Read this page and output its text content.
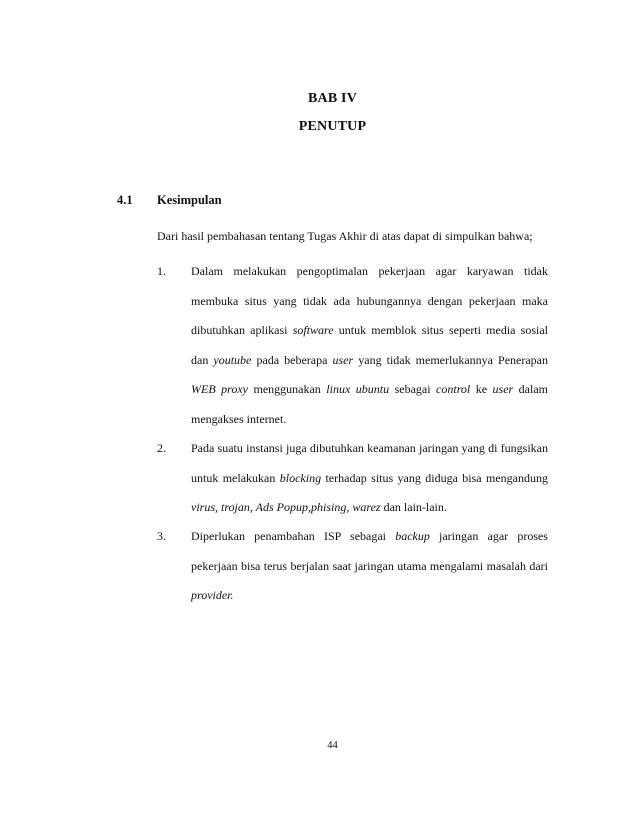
BAB IV
PENUTUP
4.1 Kesimpulan
Dari hasil pembahasan tentang Tugas Akhir di atas dapat di simpulkan bahwa;
1. Dalam melakukan pengoptimalan pekerjaan agar karyawan tidak membuka situs yang tidak ada hubungannya dengan pekerjaan maka dibutuhkan aplikasi software untuk memblok situs seperti media sosial dan youtube pada beberapa user yang tidak memerlukannya Penerapan WEB proxy menggunakan linux ubuntu sebagai control ke user dalam mengakses internet.
2. Pada suatu instansi juga dibutuhkan keamanan jaringan yang di fungsikan untuk melakukan blocking terhadap situs yang diduga bisa mengandung virus, trojan, Ads Popup,phising, warez dan lain-lain.
3. Diperlukan penambahan ISP sebagai backup jaringan agar proses pekerjaan bisa terus berjalan saat jaringan utama mengalami masalah dari provider.
44
